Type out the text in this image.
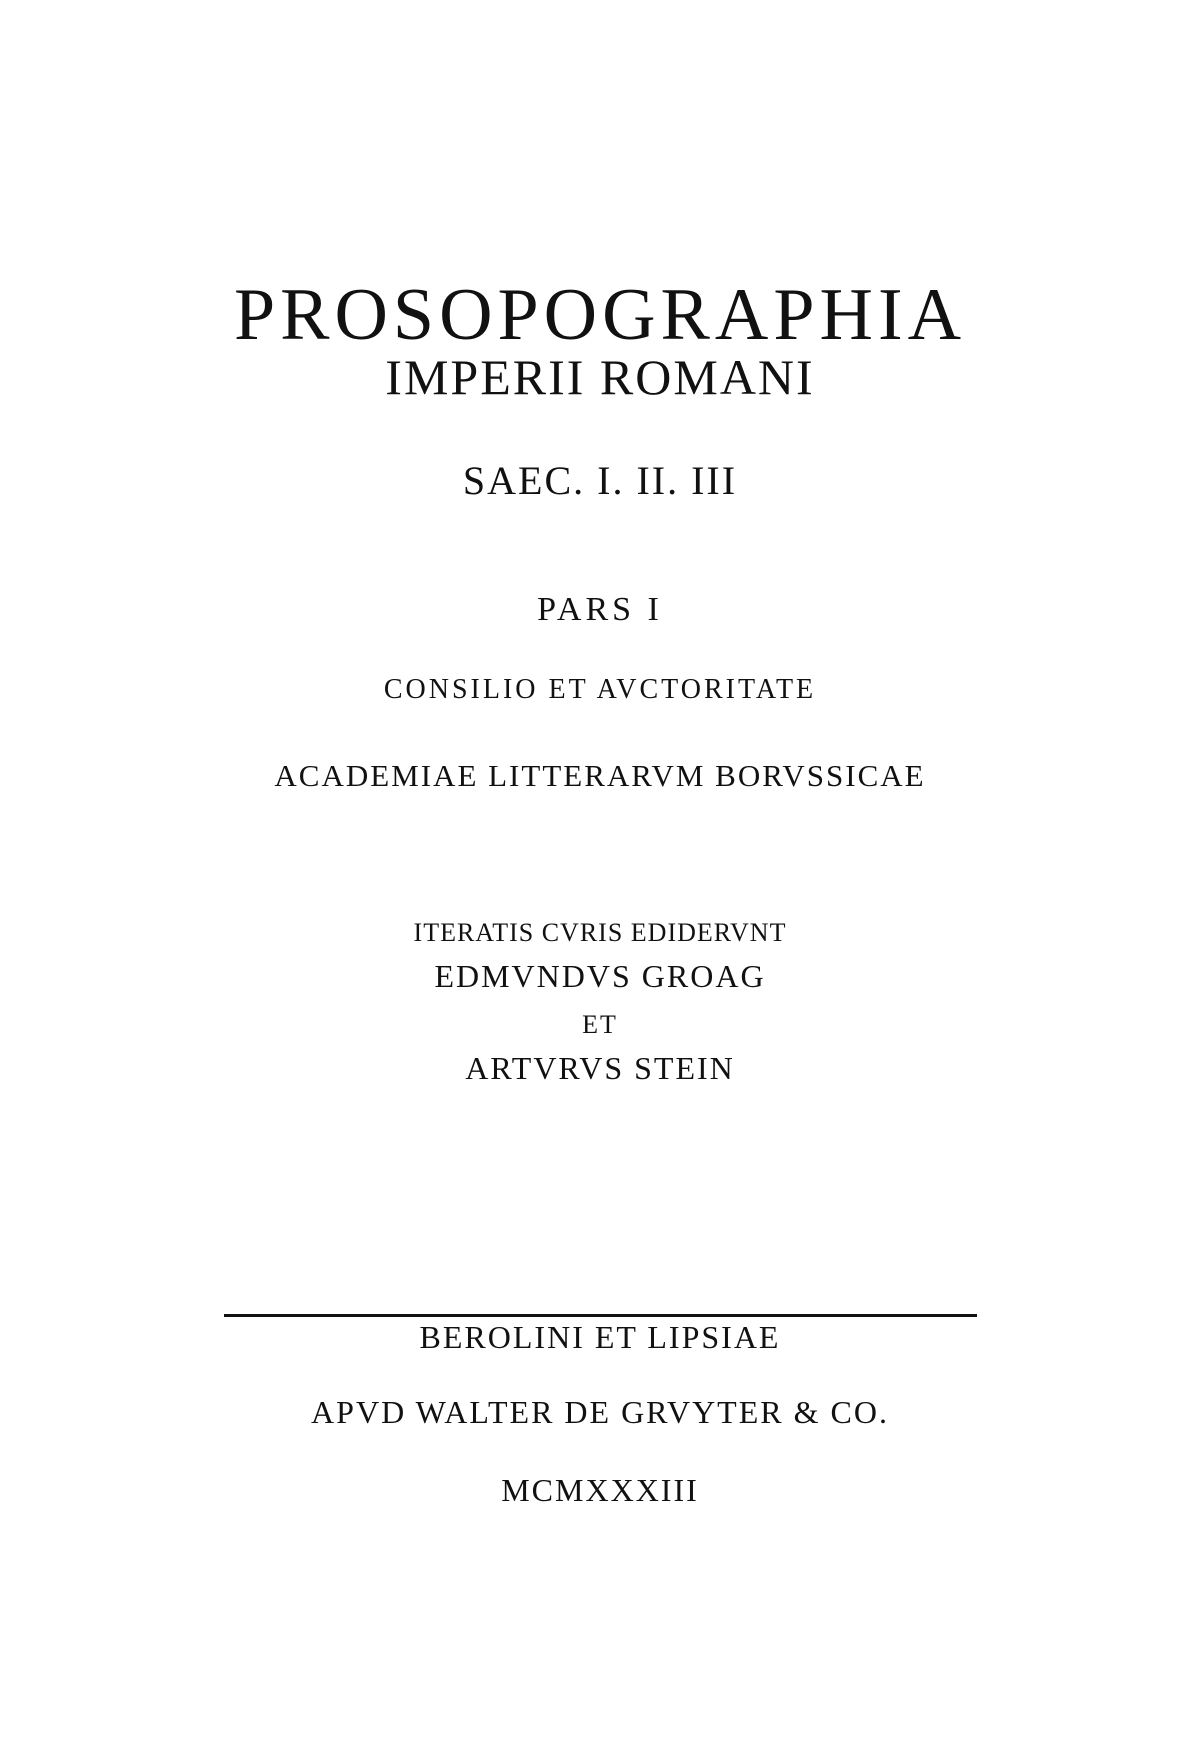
PROSOPOGRAPHIA
IMPERII ROMANI
SAEC. I. II. III
PARS I
CONSILIO ET AVCTORITATE
ACADEMIAE LITTERARVM BORVSSICAE
ITERATIS CVRIS EDIDERVNT
EDMVNDVS GROAG
ET
ARTVRVS STEIN
BEROLINI ET LIPSIAE
APVD WALTER DE GRVYTER & CO.
MCMXXXIII
